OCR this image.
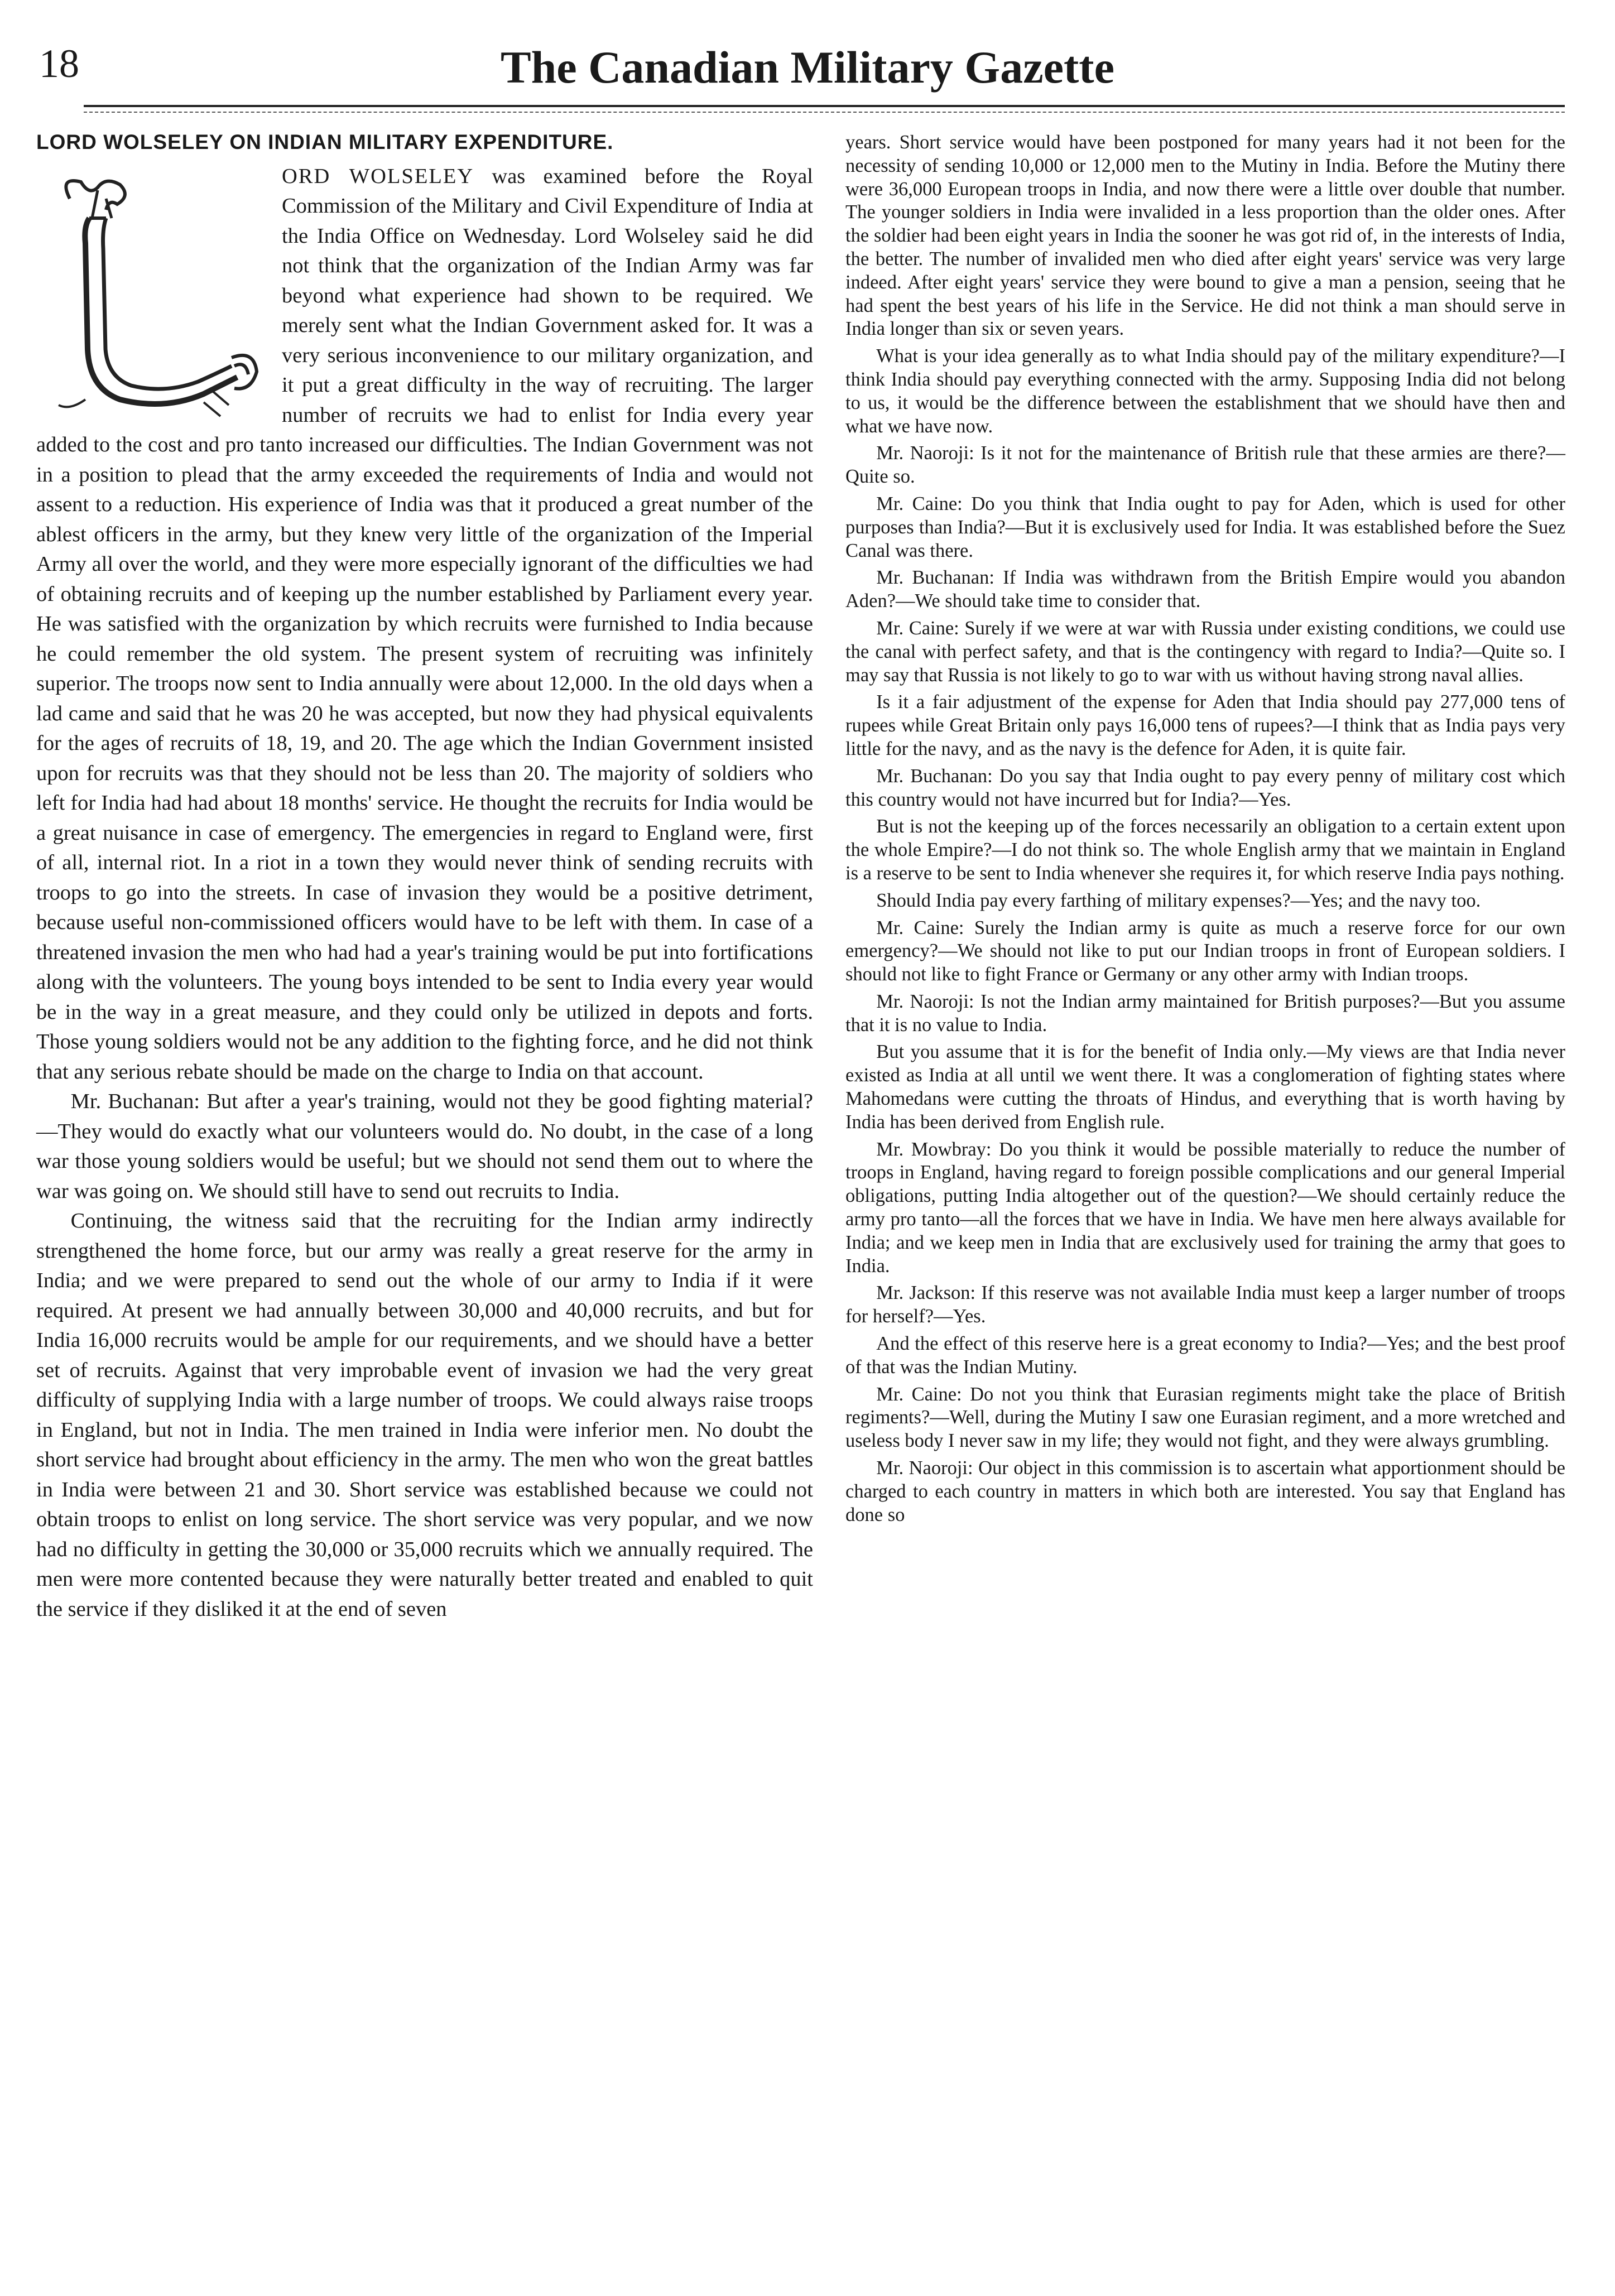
18	The Canadian Military Gazette
LORD WOLSELEY ON INDIAN MILITARY EXPENDITURE.

ORD WOLSELEY was examined before the Royal Commission of the Military and Civil Expenditure of India at the India Office on Wednesday. Lord Wolseley said he did not think that the organization of the Indian Army was far beyond what experience had shown to be required. We merely sent what the Indian Government asked for. It was a very serious inconvenience to our military organization, and it put a great difficulty in the way of recruiting. The larger number of recruits we had to enlist for India every year added to the cost and pro tanto increased our difficulties. The Indian Government was not in a position to plead that the army exceeded the requirements of India and would not assent to a reduction. His experience of India was that it produced a great number of the ablest officers in the army, but they knew very little of the organization of the Imperial Army all over the world, and they were more especially ignorant of the difficulties we had of obtaining recruits and of keeping up the number established by Parliament every year. He was satisfied with the organization by which recruits were furnished to India because he could remember the old system. The present system of recruiting was infinitely superior. The troops now sent to India annually were about 12,000. In the old days when a lad came and said that he was 20 he was accepted, but now they had physical equivalents for the ages of recruits of 18, 19, and 20. The age which the Indian Government insisted upon for recruits was that they should not be less than 20. The majority of soldiers who left for India had had about 18 months' service. He thought the recruits for India would be a great nuisance in case of emergency. The emergencies in regard to England were, first of all, internal riot. In a riot in a town they would never think of sending recruits with troops to go into the streets. In case of invasion they would be a positive detriment, because useful non-commissioned officers would have to be left with them. In case of a threatened invasion the men who had had a year's training would be put into fortifications along with the volunteers. The young boys intended to be sent to India every year would be in the way in a great measure, and they could only be utilized in depots and forts. Those young soldiers would not be any addition to the fighting force, and he did not think that any serious rebate should be made on the charge to India on that account.

Mr. Buchanan: But after a year's training, would not they be good fighting material?—They would do exactly what our volunteers would do. No doubt, in the case of a long war those young soldiers would be useful; but we should not send them out to where the war was going on. We should still have to send out recruits to India.

Continuing, the witness said that the recruiting for the Indian army indirectly strengthened the home force, but our army was really a great reserve for the army in India; and we were prepared to send out the whole of our army to India if it were required. At present we had annually between 30,000 and 40,000 recruits, and but for India 16,000 recruits would be ample for our requirements, and we should have a better set of recruits. Against that very improbable event of invasion we had the very great difficulty of supplying India with a large number of troops. We could always raise troops in England, but not in India. The men trained in India were inferior men. No doubt the short service had brought about efficiency in the army. The men who won the great battles in India were between 21 and 30. Short service was established because we could not obtain troops to enlist on long service. The short service was very popular, and we now had no difficulty in getting the 30,000 or 35,000 recruits which we annually required. The men were more contented because they were naturally better treated and enabled to quit the service if they disliked it at the end of seven

years. Short service would have been postponed for many years had it not been for the necessity of sending 10,000 or 12,000 men to the Mutiny in India. Before the Mutiny there were 36,000 European troops in India, and now there were a little over double that number. The younger soldiers in India were invalided in a less proportion than the older ones. After the soldier had been eight years in India the sooner he was got rid of, in the interests of India, the better. The number of invalided men who died after eight years' service was very large indeed. After eight years' service they were bound to give a man a pension, seeing that he had spent the best years of his life in the Service. He did not think a man should serve in India longer than six or seven years.

What is your idea generally as to what India should pay of the military expenditure?—I think India should pay everything connected with the army. Supposing India did not belong to us, it would be the difference between the establishment that we should have then and what we have now.

Mr. Naoroji: Is it not for the maintenance of British rule that these armies are there?—Quite so.

Mr. Caine: Do you think that India ought to pay for Aden, which is used for other purposes than India?—But it is exclusively used for India. It was established before the Suez Canal was there.

Mr. Buchanan: If India was withdrawn from the British Empire would you abandon Aden?—We should take time to consider that.

Mr. Caine: Surely if we were at war with Russia under existing conditions, we could use the canal with perfect safety, and that is the contingency with regard to India?—Quite so. I may say that Russia is not likely to go to war with us without having strong naval allies.

Is it a fair adjustment of the expense for Aden that India should pay 277,000 tens of rupees while Great Britain only pays 16,000 tens of rupees?—I think that as India pays very little for the navy, and as the navy is the defence for Aden, it is quite fair.

Mr. Buchanan: Do you say that India ought to pay every penny of military cost which this country would not have incurred but for India?—Yes.

But is not the keeping up of the forces necessarily an obligation to a certain extent upon the whole Empire?—I do not think so. The whole English army that we maintain in England is a reserve to be sent to India whenever she requires it, for which reserve India pays nothing.

Should India pay every farthing of military expenses?—Yes; and the navy too.

Mr. Caine: Surely the Indian army is quite as much a reserve force for our own emergency?—We should not like to put our Indian troops in front of European soldiers. I should not like to fight France or Germany or any other army with Indian troops.

Mr. Naoroji: Is not the Indian army maintained for British purposes?—But you assume that it is no value to India.

But you assume that it is for the benefit of India only.—My views are that India never existed as India at all until we went there. It was a conglomeration of fighting states where Mahomedans were cutting the throats of Hindus, and everything that is worth having by India has been derived from English rule.

Mr. Mowbray: Do you think it would be possible materially to reduce the number of troops in England, having regard to foreign possible complications and our general Imperial obligations, putting India altogether out of the question?—We should certainly reduce the army pro tanto—all the forces that we have in India. We have men here always available for India; and we keep men in India that are exclusively used for training the army that goes to India.

Mr. Jackson: If this reserve was not available India must keep a larger number of troops for herself?—Yes.

And the effect of this reserve here is a great economy to India?—Yes; and the best proof of that was the Indian Mutiny.

Mr. Caine: Do not you think that Eurasian regiments might take the place of British regiments?—Well, during the Mutiny I saw one Eurasian regiment, and a more wretched and useless body I never saw in my life; they would not fight, and they were always grumbling.

Mr. Naoroji: Our object in this commission is to ascertain what apportionment should be charged to each country in matters in which both are interested. You say that England has done so
